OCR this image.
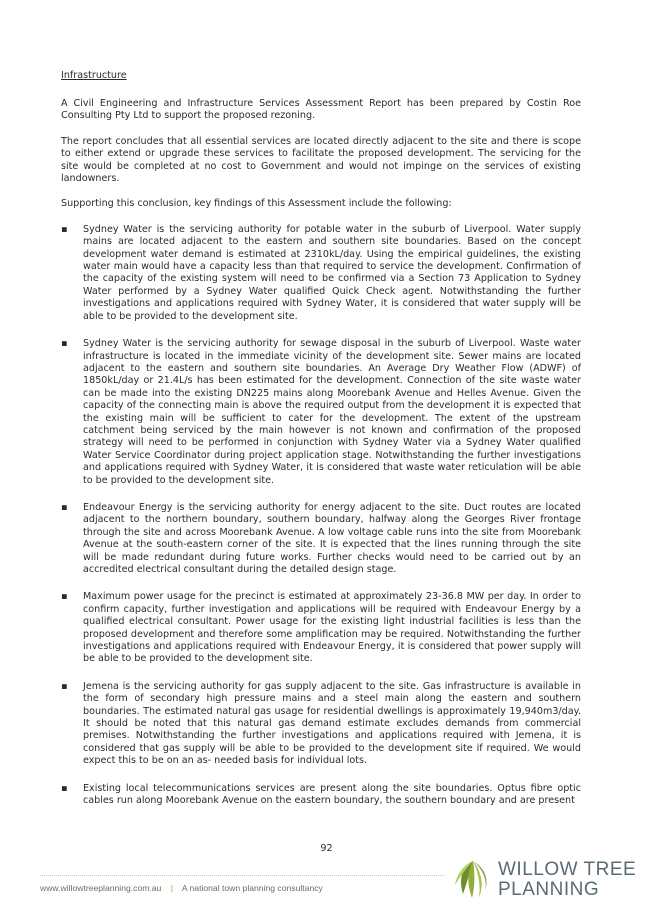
Infrastructure

A Civil Engineering and Infrastructure Services Assessment Report has been prepared by Costin Roe Consulting Pty Ltd to support the proposed rezoning.

The report concludes that all essential services are located directly adjacent to the site and there is scope to either extend or upgrade these services to facilitate the proposed development. The servicing for the site would be completed at no cost to Government and would not impinge on the services of existing landowners.

Supporting this conclusion, key findings of this Assessment include the following:

▪	Sydney Water is the servicing authority for potable water in the suburb of Liverpool. Water supply mains are located adjacent to the eastern and southern site boundaries. Based on the concept development water demand is estimated at 2310kL/day. Using the empirical guidelines, the existing water main would have a capacity less than that required to service the development. Confirmation of the capacity of the existing system will need to be confirmed via a Section 73 Application to Sydney Water performed by a Sydney Water qualified Quick Check agent. Notwithstanding the further investigations and applications required with Sydney Water, it is considered that water supply will be able to be provided to the development site.
▪	Sydney Water is the servicing authority for sewage disposal in the suburb of Liverpool. Waste water infrastructure is located in the immediate vicinity of the development site. Sewer mains are located adjacent to the eastern and southern site boundaries. An Average Dry Weather Flow (ADWF) of 1850kL/day or 21.4L/s has been estimated for the development. Connection of the site waste water can be made into the existing DN225 mains along Moorebank Avenue and Helles Avenue. Given the capacity of the connecting main is above the required output from the development it is expected that the existing main will be sufficient to cater for the development. The extent of the upstream catchment being serviced by the main however is not known and confirmation of the proposed strategy will need to be performed in conjunction with Sydney Water via a Sydney Water qualified Water Service Coordinator during project application stage. Notwithstanding the further investigations and applications required with Sydney Water, it is considered that waste water reticulation will be able to be provided to the development site.
▪	Endeavour Energy is the servicing authority for energy adjacent to the site. Duct routes are located adjacent to the northern boundary, southern boundary, halfway along the Georges River frontage through the site and across Moorebank Avenue. A low voltage cable runs into the site from Moorebank Avenue at the south-eastern corner of the site. It is expected that the lines running through the site will be made redundant during future works. Further checks would need to be carried out by an accredited electrical consultant during the detailed design stage.
▪	Maximum power usage for the precinct is estimated at approximately 23-36.8 MW per day. In order to confirm capacity, further investigation and applications will be required with Endeavour Energy by a qualified electrical consultant. Power usage for the existing light industrial facilities is less than the proposed development and therefore some amplification may be required. Notwithstanding the further investigations and applications required with Endeavour Energy, it is considered that power supply will be able to be provided to the development site.
▪	Jemena is the servicing authority for gas supply adjacent to the site. Gas infrastructure is available in the form of secondary high pressure mains and a steel main along the eastern and southern boundaries. The estimated natural gas usage for residential dwellings is approximately 19,940m3/day. It should be noted that this natural gas demand estimate excludes demands from commercial premises. Notwithstanding the further investigations and applications required with Jemena, it is considered that gas supply will be able to be provided to the development site if required. We would expect this to be on an as- needed basis for individual lots.
▪	Existing local telecommunications services are present along the site boundaries. Optus fibre optic cables run along Moorebank Avenue on the eastern boundary, the southern boundary and are present
92
www.willowtreeplanning.com.au | A national town planning consultancy
WILLOW TREE
PLANNING
